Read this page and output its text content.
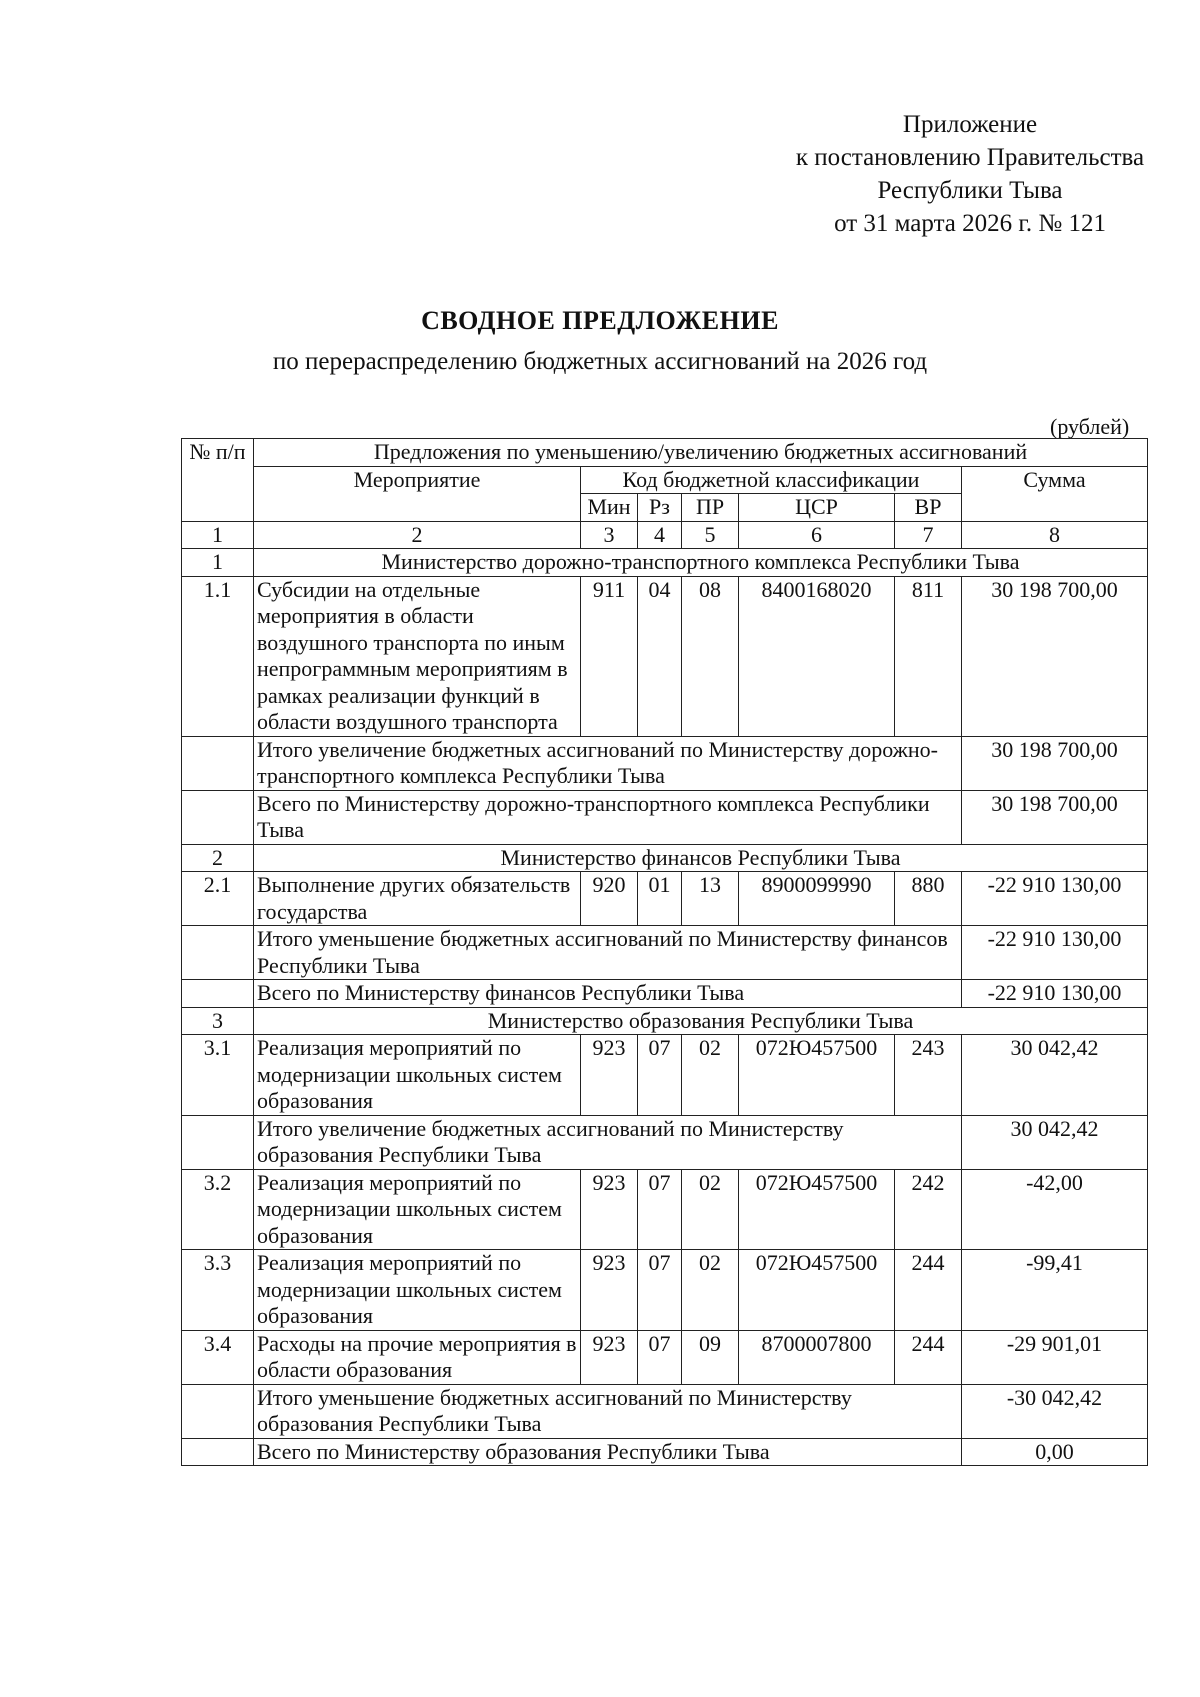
Приложение
к постановлению Правительства
Республики Тыва
от 31 марта 2026 г. № 121
СВОДНОЕ ПРЕДЛОЖЕНИЕ
по перераспределению бюджетных ассигнований на 2026 год
(рублей)
№ п/п	Предложения по уменьшению/увеличению бюджетных ассигнований						
	Мероприятие	Код бюджетной классификации					Сумма
		Мин	Рз	ПР	ЦСР	ВР	
1	2	3	4	5	6	7	8
1	Министерство дорожно-транспортного комплекса Республики Тыва						
1.1	Субсидии на отдельные мероприятия в области воздушного транспорта по иным непрограммным мероприятиям в рамках реализации функций в области воздушного транспорта	911	04	08	8400168020	811	30 198 700,00
	Итого увеличение бюджетных ассигнований по Министерству дорожно-транспортного комплекса Республики Тыва						30 198 700,00
	Всего по Министерству дорожно-транспортного комплекса Республики Тыва						30 198 700,00
2	Министерство финансов Республики Тыва						
2.1	Выполнение других обязательств государства	920	01	13	8900099990	880	-22 910 130,00
	Итого уменьшение бюджетных ассигнований по Министерству финансов Республики Тыва						-22 910 130,00
	Всего по Министерству финансов Республики Тыва						-22 910 130,00
3	Министерство образования Республики Тыва						
3.1	Реализация мероприятий по модернизации школьных систем образования	923	07	02	072Ю457500	243	30 042,42
	Итого увеличение бюджетных ассигнований по Министерству образования Республики Тыва						30 042,42
3.2	Реализация мероприятий по модернизации школьных систем образования	923	07	02	072Ю457500	242	-42,00
3.3	Реализация мероприятий по модернизации школьных систем образования	923	07	02	072Ю457500	244	-99,41
3.4	Расходы на прочие мероприятия в области образования	923	07	09	8700007800	244	-29 901,01
	Итого уменьшение бюджетных ассигнований по Министерству образования Республики Тыва						-30 042,42
	Всего по Министерству образования Республики Тыва						0,00
